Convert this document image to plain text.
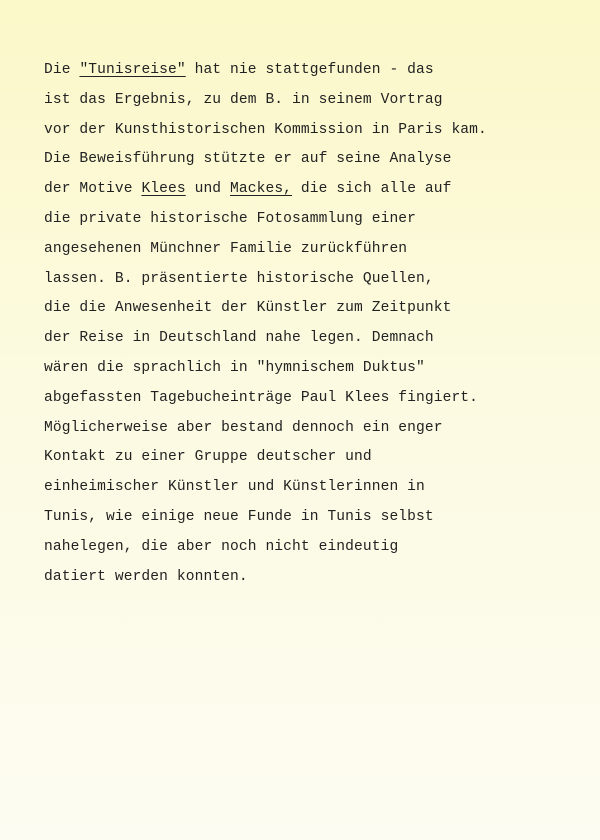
Die "Tunisreise" hat nie stattgefunden - das
ist das Ergebnis, zu dem B. in seinem Vortrag
vor der Kunsthistorischen Kommission in Paris kam.
Die Beweisführung stützte er auf seine Analyse
der Motive Klees und Mackes, die sich alle auf
die private historische Fotosammlung einer
angesehenen Münchner Familie zurückführen
lassen. B. präsentierte historische Quellen,
die die Anwesenheit der Künstler zum Zeitpunkt
der Reise in Deutschland nahe legen. Demnach
wären die sprachlich in "hymnischem Duktus"
abgefassten Tagebucheinträge Paul Klees fingiert.
Möglicherweise aber bestand dennoch ein enger
Kontakt zu einer Gruppe deutscher und
einheimischer Künstler und Künstlerinnen in
Tunis, wie einige neue Funde in Tunis selbst
nahelegen, die aber noch nicht eindeutig
datiert werden konnten.
